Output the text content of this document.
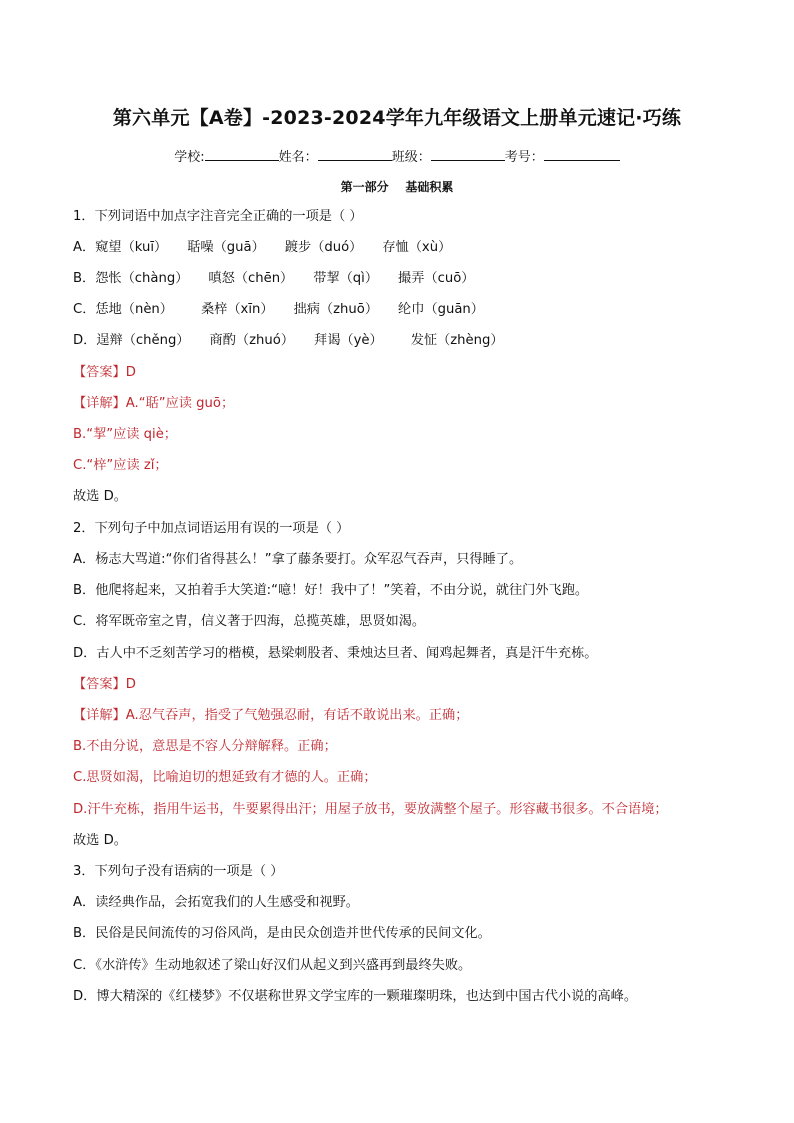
第六单元【A卷】-2023-2024学年九年级语文上册单元速记·巧练
学校:	姓名：	班级：	考号：
第一部分    基础积累
1．下列词语中加点字注音完全正确的一项是（ ）
A．窥望（kuī） 聒噪（guā） 踱步（duó） 存恤（xù）
B．怨怅（chàng） 嗔怒（chēn） 带挈（qì） 撮弄（cuō）
C．恁地（nèn） 桑梓（xīn） 拙病（zhuō） 纶巾（guān）
D．逞辩（chěng） 商酌（zhuó） 拜谒（yè） 发怔（zhèng）
【答案】D
【详解】A.“聒”应读 guō；
B.“挈”应读 qiè；
C.“梓”应读 zǐ；
故选 D。
2．下列句子中加点词语运用有误的一项是（ ）
A．杨志大骂道:“你们省得甚么！”拿了藤条要打。众军忍气吞声，只得睡了。
B．他爬将起来，又拍着手大笑道:“噫！好！我中了！”笑着，不由分说，就往门外飞跑。
C．将军既帝室之胄，信义著于四海，总揽英雄，思贤如渴。
D．古人中不乏刻苦学习的楷模，悬梁刺股者、秉烛达旦者、闻鸡起舞者，真是汗牛充栋。
【答案】D
【详解】A.忍气吞声，指受了气勉强忍耐，有话不敢说出来。正确；
B.不由分说，意思是不容人分辩解释。正确；
C.思贤如渴，比喻迫切的想延致有才德的人。正确；
D.汗牛充栋，指用牛运书，牛要累得出汗；用屋子放书，要放满整个屋子。形容藏书很多。不合语境；
故选 D。
3．下列句子没有语病的一项是（ ）
A．读经典作品，会拓宽我们的人生感受和视野。
B．民俗是民间流传的习俗风尚，是由民众创造并世代传承的民间文化。
C．《水浒传》生动地叙述了梁山好汉们从起义到兴盛再到最终失败。
D．博大精深的《红楼梦》不仅堪称世界文学宝库的一颗璀璨明珠，也达到中国古代小说的高峰。
